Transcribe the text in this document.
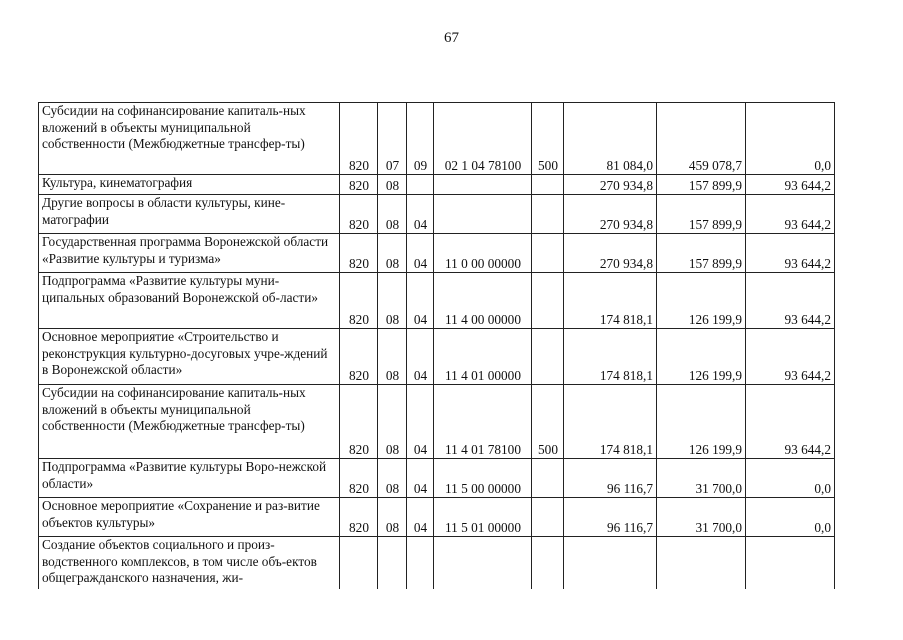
67
Субсидии на софинансирование капиталь-ных вложений в объекты муниципальной собственности (Межбюджетные трансфер-ты)	820	07	09	02 1 04 78100	500	81 084,0	459 078,7	0,0
Культура, кинематография	820	08				270 934,8	157 899,9	93 644,2
Другие вопросы в области культуры, кине-матографии	820	08	04			270 934,8	157 899,9	93 644,2
Государственная программа Воронежской области «Развитие культуры и туризма»	820	08	04	11 0 00 00000		270 934,8	157 899,9	93 644,2
Подпрограмма «Развитие культуры муни-ципальных образований Воронежской об-ласти»	820	08	04	11 4 00 00000		174 818,1	126 199,9	93 644,2
Основное мероприятие «Строительство и реконструкция культурно-досуговых учре-ждений в Воронежской области»	820	08	04	11 4 01 00000		174 818,1	126 199,9	93 644,2
Субсидии на софинансирование капиталь-ных вложений в объекты муниципальной собственности (Межбюджетные трансфер-ты)	820	08	04	11 4 01 78100	500	174 818,1	126 199,9	93 644,2
Подпрограмма «Развитие культуры Воро-нежской области»	820	08	04	11 5 00 00000		96 116,7	31 700,0	0,0
Основное мероприятие «Сохранение и раз-витие объектов культуры»	820	08	04	11 5 01 00000		96 116,7	31 700,0	0,0

Создание объектов социального и произ-водственного комплексов, в том числе объ-ектов общегражданского назначения, жи-								
